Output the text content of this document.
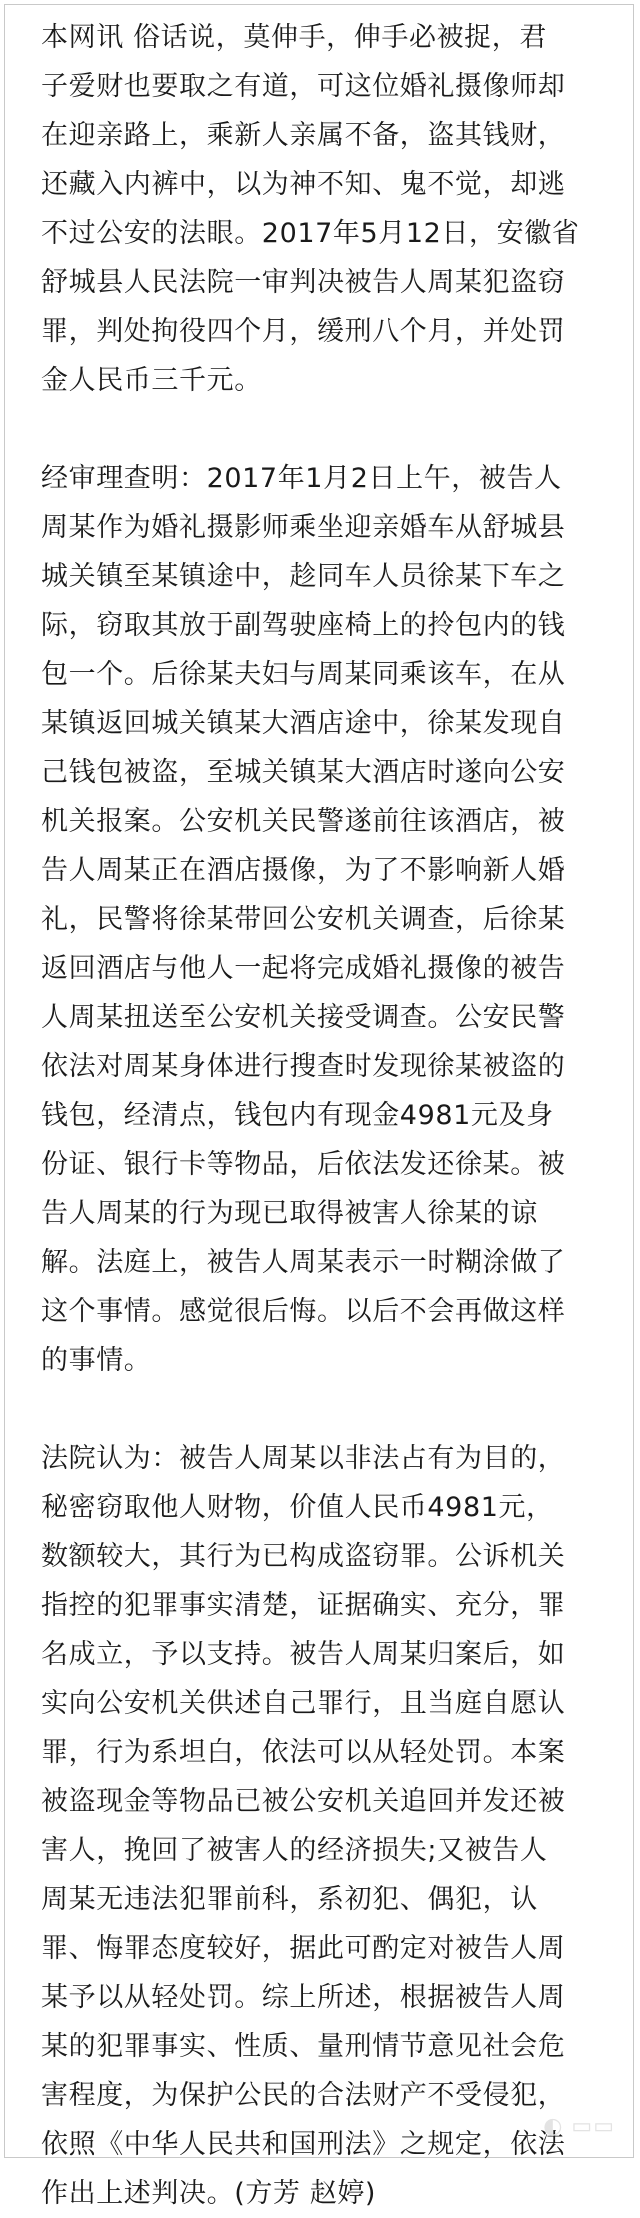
本网讯 俗话说，莫伸手，伸手必被捉，君
子爱财也要取之有道，可这位婚礼摄像师却
在迎亲路上，乘新人亲属不备，盗其钱财，
还藏入内裤中，以为神不知、鬼不觉，却逃
不过公安的法眼。2017年5月12日，安徽省
舒城县人民法院一审判决被告人周某犯盗窃
罪，判处拘役四个月，缓刑八个月，并处罚
金人民币三千元。

经审理查明：2017年1月2日上午，被告人
周某作为婚礼摄影师乘坐迎亲婚车从舒城县
城关镇至某镇途中，趁同车人员徐某下车之
际，窃取其放于副驾驶座椅上的拎包内的钱
包一个。后徐某夫妇与周某同乘该车，在从
某镇返回城关镇某大酒店途中，徐某发现自
己钱包被盗，至城关镇某大酒店时遂向公安
机关报案。公安机关民警遂前往该酒店，被
告人周某正在酒店摄像，为了不影响新人婚
礼，民警将徐某带回公安机关调查，后徐某
返回酒店与他人一起将完成婚礼摄像的被告
人周某扭送至公安机关接受调查。公安民警
依法对周某身体进行搜查时发现徐某被盗的
钱包，经清点，钱包内有现金4981元及身
份证、银行卡等物品，后依法发还徐某。被
告人周某的行为现已取得被害人徐某的谅
解。法庭上，被告人周某表示一时糊涂做了
这个事情。感觉很后悔。以后不会再做这样
的事情。

法院认为：被告人周某以非法占有为目的，
秘密窃取他人财物，价值人民币4981元，
数额较大，其行为已构成盗窃罪。公诉机关
指控的犯罪事实清楚，证据确实、充分，罪
名成立，予以支持。被告人周某归案后，如
实向公安机关供述自己罪行，且当庭自愿认
罪，行为系坦白，依法可以从轻处罚。本案
被盗现金等物品已被公安机关追回并发还被
害人，挽回了被害人的经济损失;又被告人
周某无违法犯罪前科，系初犯、偶犯，认
罪、悔罪态度较好，据此可酌定对被告人周
某予以从轻处罚。综上所述，根据被告人周
某的犯罪事实、性质、量刑情节意见社会危
害程度，为保护公民的合法财产不受侵犯，
依照《中华人民共和国刑法》之规定，依法
作出上述判决。(方芳 赵婷)

◐ ▭▭
